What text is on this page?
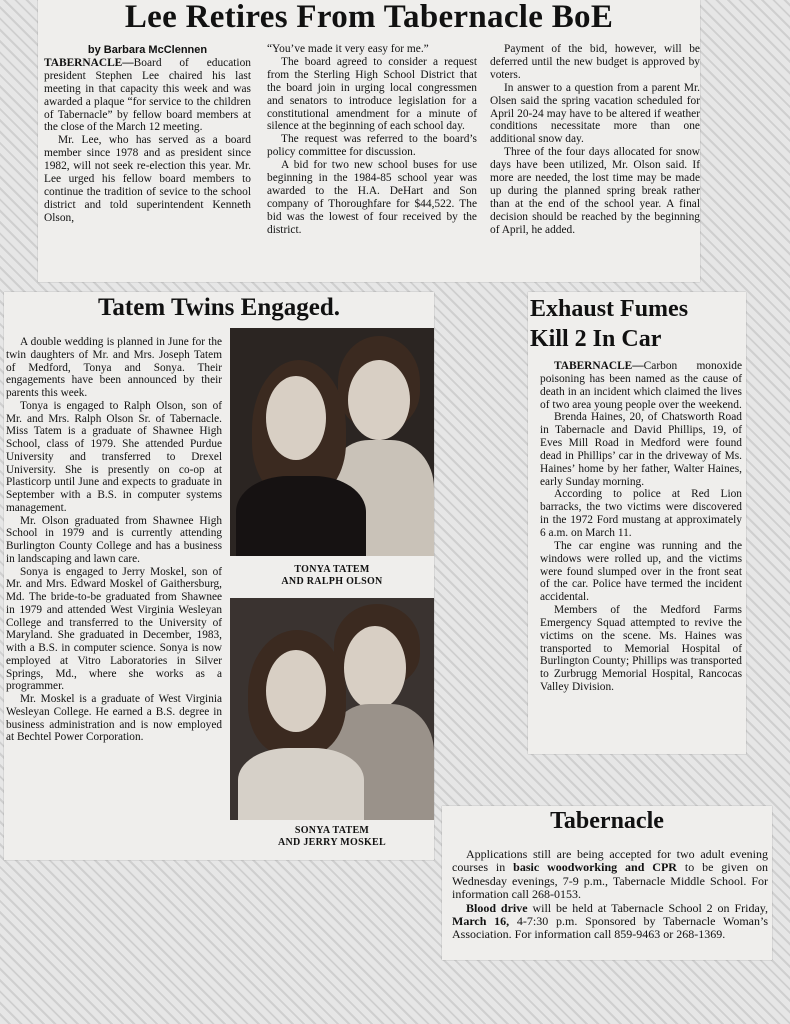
Lee Retires From Tabernacle BoE

by Barbara McClennen

TABERNACLE—Board of education president Stephen Lee chaired his last meeting in that capacity this week and was awarded a plaque “for service to the children of Tabernacle” by fellow board members at the close of the March 12 meeting.

Mr. Lee, who has served as a board member since 1978 and as president since 1982, will not seek re-election this year. Mr. Lee urged his fellow board members to continue the tradition of sevice to the school district and told superintendent Kenneth Olson,

“You’ve made it very easy for me.”

The board agreed to consider a request from the Sterling High School District that the board join in urging local congressmen and senators to introduce legislation for a constitutional amendment for a minute of silence at the beginning of each school day.

The request was referred to the board’s policy committee for discussion.

A bid for two new school buses for use beginning in the 1984-85 school year was awarded to the H.A. DeHart and Son company of Thoroughfare for $44,522. The bid was the lowest of four received by the district.

Payment of the bid, however, will be deferred until the new budget is approved by voters.

In answer to a question from a parent Mr. Olsen said the spring vacation scheduled for April 20-24 may have to be altered if weather conditions necessitate more than one additional snow day.

Three of the four days allocated for snow days have been utilized, Mr. Olson said. If more are needed, the lost time may be made up during the planned spring break rather than at the end of the school year. A final decision should be reached by the beginning of April, he added.

Tatem Twins Engaged.

A double wedding is planned in June for the twin daughters of Mr. and Mrs. Joseph Tatem of Medford, Tonya and Sonya. Their engagements have been announced by their parents this week.

Tonya is engaged to Ralph Olson, son of Mr. and Mrs. Ralph Olson Sr. of Tabernacle. Miss Tatem is a graduate of Shawnee High School, class of 1979. She attended Purdue University and transferred to Drexel University. She is presently on co-op at Plasticorp until June and expects to graduate in September with a B.S. in computer systems management.

Mr. Olson graduated from Shawnee High School in 1979 and is currently attending Burlington County College and has a business in landscaping and lawn care.

Sonya is engaged to Jerry Moskel, son of Mr. and Mrs. Edward Moskel of Gaithersburg, Md. The bride-to-be graduated from Shawnee in 1979 and attended West Virginia Wesleyan College and transferred to the University of Maryland. She graduated in December, 1983, with a B.S. in computer science. Sonya is now employed at Vitro Laboratories in Silver Springs, Md., where she works as a programmer.

Mr. Moskel is a graduate of West Virginia Wesleyan College. He earned a B.S. degree in business administration and is now employed at Bechtel Power Corporation.

TONYA TATEM
AND RALPH OLSON
SONYA TATEM
AND JERRY MOSKEL
Exhaust Fumes
Kill 2 In Car

TABERNACLE—Carbon monoxide poisoning has been named as the cause of death in an incident which claimed the lives of two area young people over the weekend.

Brenda Haines, 20, of Chatsworth Road in Tabernacle and David Phillips, 19, of Eves Mill Road in Medford were found dead in Phillips’ car in the driveway of Ms. Haines’ home by her father, Walter Haines, early Sunday morning.

According to police at Red Lion barracks, the two victims were discovered in the 1972 Ford mustang at approximately 6 a.m. on March 11.

The car engine was running and the windows were rolled up, and the victims were found slumped over in the front seat of the car. Police have termed the incident accidental.

Members of the Medford Farms Emergency Squad attempted to revive the victims on the scene. Ms. Haines was transported to Memorial Hospital of Burlington County; Phillips was transported to Zurbrugg Memorial Hospital, Rancocas Valley Division.

Tabernacle

Applications still are being accepted for two adult evening courses in basic woodworking and CPR to be given on Wednesday evenings, 7-9 p.m., Tabernacle Middle School. For information call 268-0153.

Blood drive will be held at Tabernacle School 2 on Friday, March 16, 4-7:30 p.m. Sponsored by Tabernacle Woman’s Association. For information call 859-9463 or 268-1369.
